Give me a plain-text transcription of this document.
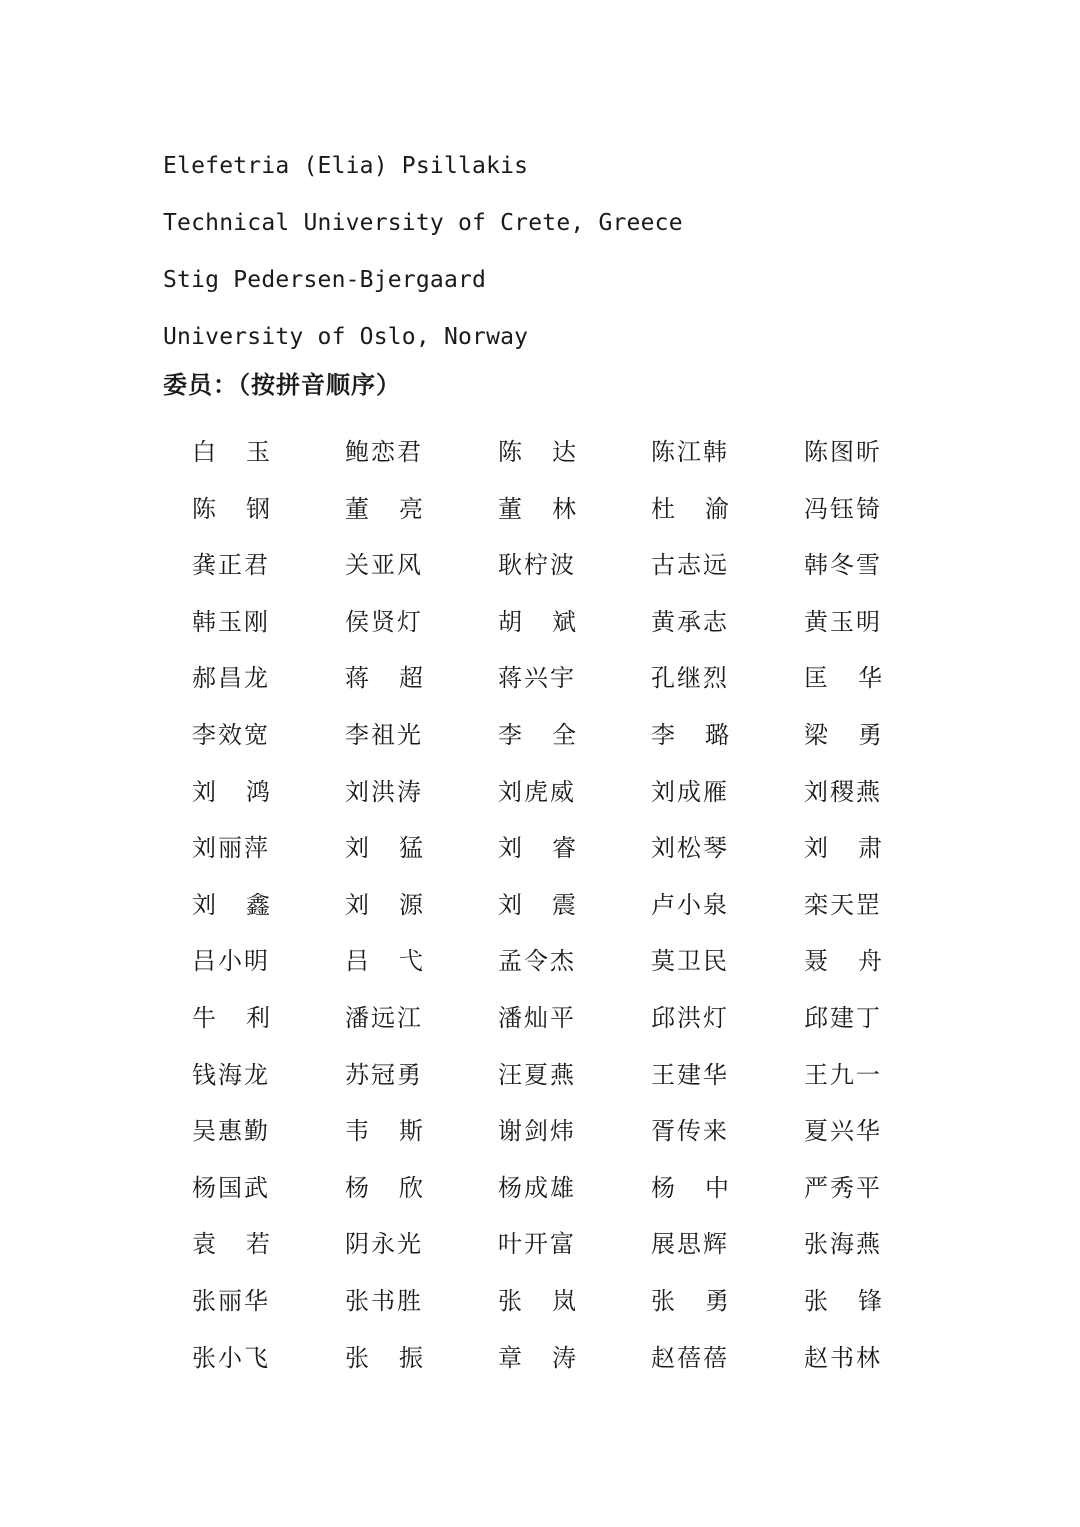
Elefetria (Elia) Psillakis
Technical University of Crete, Greece
Stig Pedersen-Bjergaard
University of Oslo, Norway
委员：（按拼音顺序）
白玉	鲍恋君	陈达	陈江韩	陈图昕
陈钢	董亮	董林	杜渝	冯钰锜
龚正君	关亚风	耿柠波	古志远	韩冬雪
韩玉刚	侯贤灯	胡斌	黄承志	黄玉明
郝昌龙	蒋超	蒋兴宇	孔继烈	匡华
李效宽	李祖光	李全	李璐	梁勇
刘鸿	刘洪涛	刘虎威	刘成雁	刘稷燕
刘丽萍	刘猛	刘睿	刘松琴	刘肃
刘鑫	刘源	刘震	卢小泉	栾天罡
吕小明	吕弋	孟令杰	莫卫民	聂舟
牛利	潘远江	潘灿平	邱洪灯	邱建丁
钱海龙	苏冠勇	汪夏燕	王建华	王九一
吴惠勤	韦斯	谢剑炜	胥传来	夏兴华
杨国武	杨欣	杨成雄	杨中	严秀平
袁若	阴永光	叶开富	展思辉	张海燕
张丽华	张书胜	张岚	张勇	张锋
张小飞	张振	章涛	赵蓓蓓	赵书林
